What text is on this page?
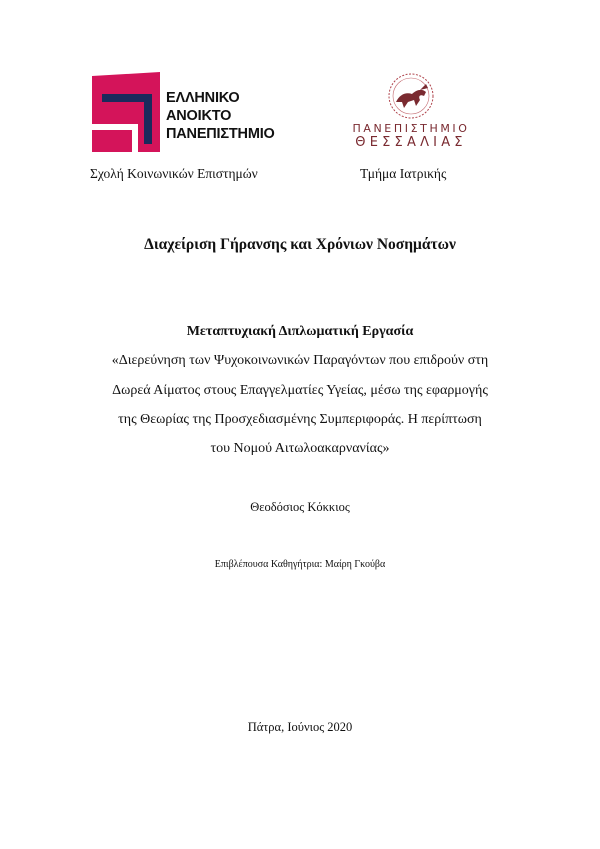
ΕΛΛΗΝΙΚΟ
ΑΝΟΙΚΤΟ
ΠΑΝΕΠΙΣΤΗΜΙΟ	ΠΑΝΕΠΙΣΤΗΜΙΟ
ΘΕΣΣΑΛΙΑΣ
Σχολή Κοινωνικών Επιστημών	Τμήμα Ιατρικής
Διαχείριση Γήρανσης και Χρόνιων Νοσημάτων
Μεταπτυχιακή Διπλωματική Εργασία
«Διερεύνηση των Ψυχοκοινωνικών Παραγόντων που επιδρούν στη
Δωρεά Αίματος στους Επαγγελματίες Υγείας, μέσω της εφαρμογής
της Θεωρίας της Προσχεδιασμένης Συμπεριφοράς. Η περίπτωση
του Νομού Αιτωλοακαρνανίας»
Θεοδόσιος Κόκκιος
Επιβλέπουσα Καθηγήτρια: Μαίρη Γκούβα
Πάτρα, Ιούνιος 2020
